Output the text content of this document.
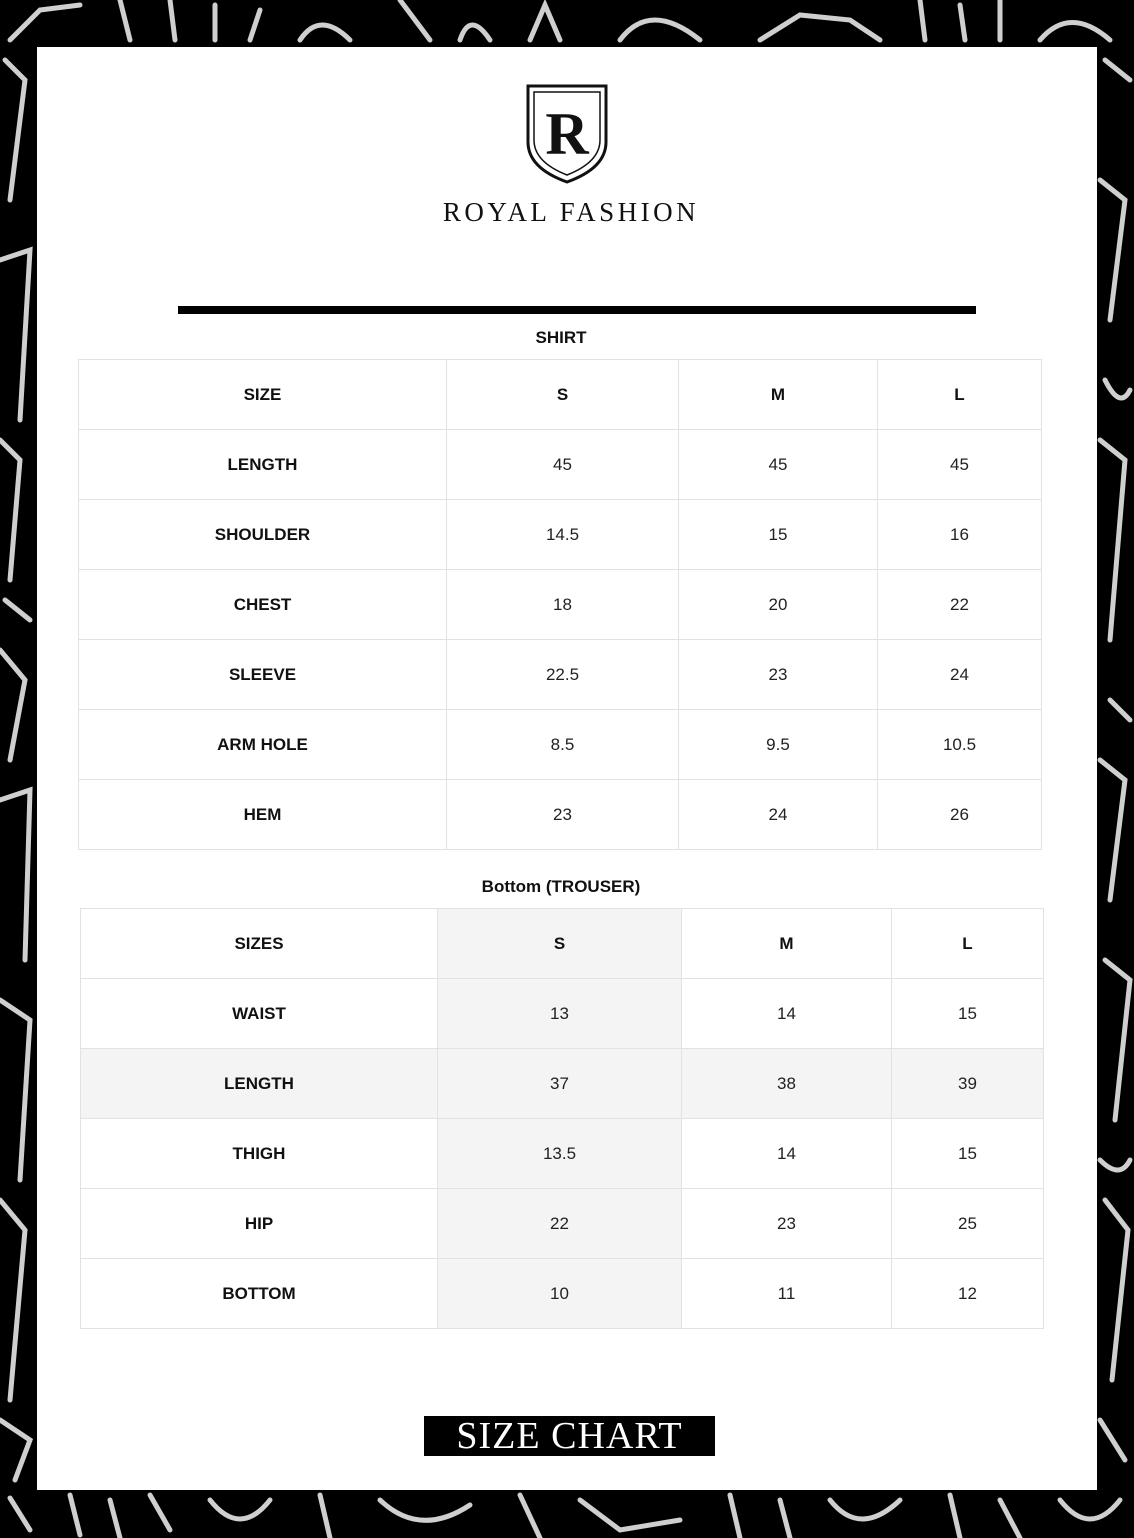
R
ROYAL FASHION
SHIRT
SIZE	S	M	L
LENGTH	45	45	45
SHOULDER	14.5	15	16
CHEST	18	20	22
SLEEVE	22.5	23	24
ARM HOLE	8.5	9.5	10.5
HEM	23	24	26
Bottom (TROUSER)
SIZES	S	M	L
WAIST	13	14	15
LENGTH	37	38	39
THIGH	13.5	14	15
HIP	22	23	25
BOTTOM	10	11	12
SIZE CHART
